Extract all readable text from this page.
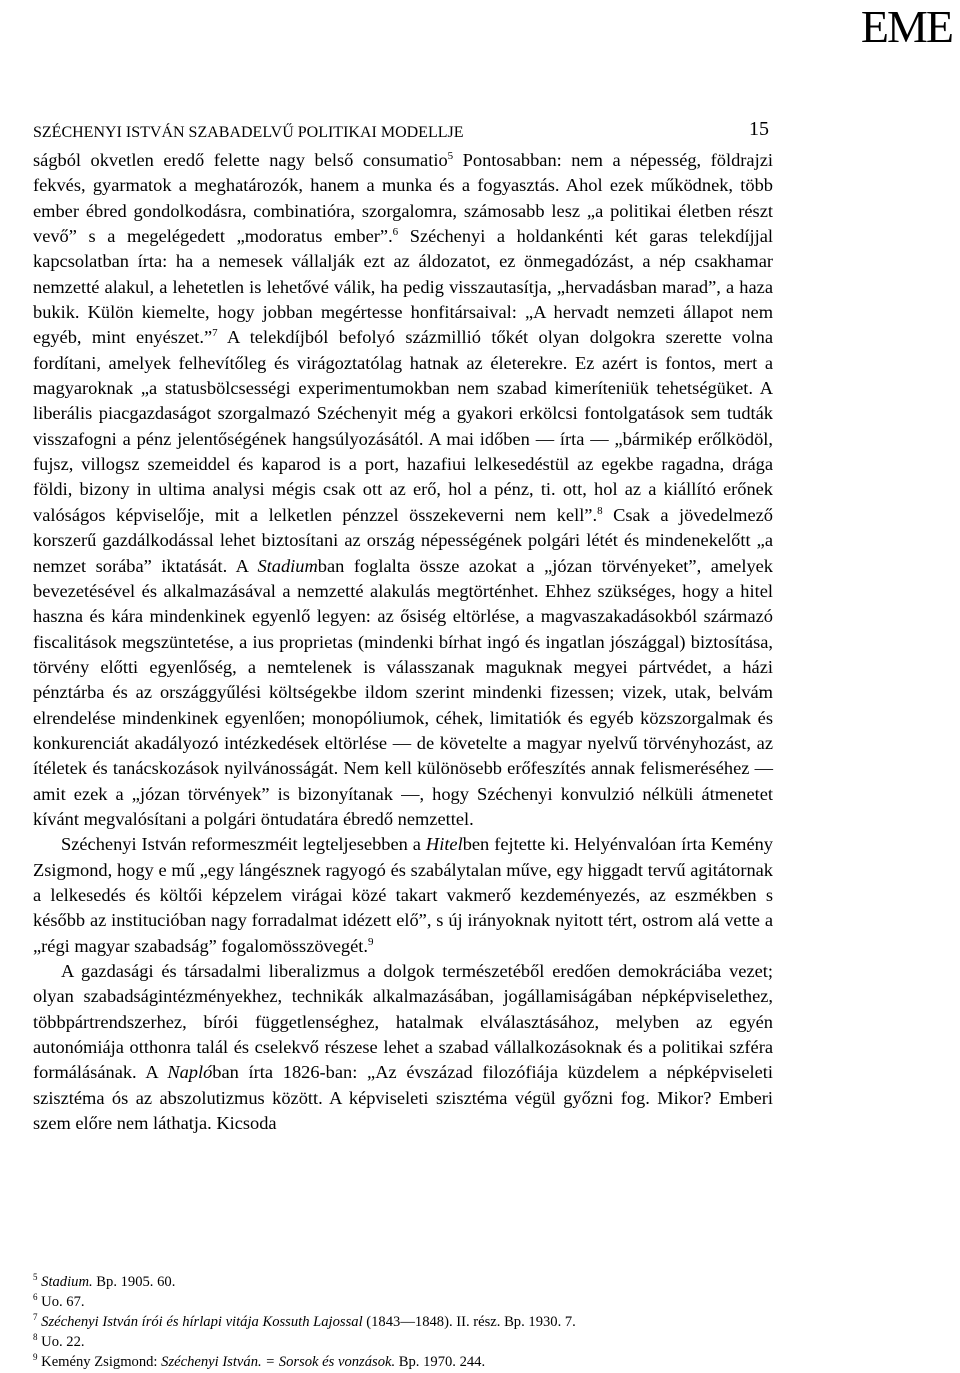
EME
SZÉCHENYI ISTVÁN SZABADELVŰ POLITIKAI MODELLJE	15

ságból okvetlen eredő felette nagy belső consumatio$^5$ Pontosabban: nem a népesség, földrajzi fekvés, gyarmatok a meghatározók, hanem a munka és a fogyasztás. Ahol ezek működnek, több ember ébred gondolkodásra, combinatióra, szorgalomra, számosabb lesz „a politikai életben részt vevő” s a megelégedett „modoratus ember”.$^6$ Széchenyi a holdankénti két garas telekdíjjal kapcsolatban írta: ha a nemesek vállalják ezt az áldozatot, ez önmegadózást, a nép csakhamar nemzetté alakul, a lehetetlen is lehetővé válik, ha pedig visszautasítja, „hervadásban marad”, a haza bukik. Külön kiemelte, hogy jobban megértesse honfitársaival: „A hervadt nemzeti állapot nem egyéb, mint enyészet.”$^7$ A telekdíjból befolyó százmillió tőkét olyan dolgokra szerette volna fordítani, amelyek felhevítőleg és virágoztatólag hatnak az életerekre. Ez azért is fontos, mert a magyaroknak „a statusbölcsességi experimentumokban nem szabad kimeríteniük tehetségüket. A liberális piacgazdaságot szorgalmazó Széchenyit még a gyakori erkölcsi fontolgatások sem tudták visszafogni a pénz jelentőségének hangsúlyozásától. A mai időben — írta — „bármikép erőlködöl, fujsz, villogsz szemeiddel és kaparod is a port, hazafiui lelkesedéstül az egekbe ragadna, drága földi, bizony in ultima analysi mégis csak ott az erő, hol a pénz, ti. ott, hol az a kiállító erőnek valóságos képviselője, mit a lelketlen pénzzel összekeverni nem kell”.$^8$ Csak a jövedelmező korszerű gazdálkodással lehet biztosítani az ország népességének polgári létét és mindenekelőtt „a nemzet sorába” iktatását. A Stadiumban foglalta össze azokat a „józan törvényeket”, amelyek bevezetésével és alkalmazásával a nemzetté alakulás megtörténhet. Ehhez szükséges, hogy a hitel haszna és kára mindenkinek egyenlő legyen: az ősiség eltörlése, a magvaszakadásokból származó fiscalitások megszüntetése, a ius proprietas (mindenki bírhat ingó és ingatlan jószággal) biztosítása, törvény előtti egyenlőség, a nemtelenek is válasszanak maguknak megyei pártvédet, a házi pénztárba és az országgyűlési költségekbe ildom szerint mindenki fizessen; vizek, utak, belvám elrendelése mindenkinek egyenlően; monopóliumok, céhek, limitatiók és egyéb közszorgalmak és konkurenciát akadályozó intézkedések eltörlése — de követelte a magyar nyelvű törvényhozást, az ítéletek és tanácskozások nyilvánosságát. Nem kell különösebb erőfeszítés annak felismeréséhez — amit ezek a „józan törvények” is bizonyítanak —, hogy Széchenyi konvulzió nélküli átmenetet kívánt megvalósítani a polgári öntudatára ébredő nemzettel.

Széchenyi István reformeszméit legteljesebben a Hitelben fejtette ki. Helyénvalóan írta Kemény Zsigmond, hogy e mű „egy lángésznek ragyogó és szabálytalan műve, egy higgadt tervű agitátornak a lelkesedés és költői képzelem virágai közé takart vakmerő kezdeményezés, az eszmékben s később az institucióban nagy forradalmat idézett elő”, s új irányoknak nyitott tért, ostrom alá vette a „régi magyar szabadság” fogalomösszövegét.$^9$

A gazdasági és társadalmi liberalizmus a dolgok természetéből eredően demokráciába vezet; olyan szabadságintézményekhez, technikák alkalmazásában, jogállamiságában népképviselethez, többpártrendszerhez, bírói függetlenséghez, hatalmak elválasztásához, melyben az egyén autonómiája otthonra talál és cselekvő részese lehet a szabad vállalkozásoknak és a politikai szféra formálásának. A Naplóban írta 1826-ban: „Az évszázad filozófiája küzdelem a népképviseleti szisztéma ós az abszolutizmus között. A képviseleti szisztéma végül győzni fog. Mikor? Emberi szem előre nem láthatja. Kicsoda

$^5$ Stadium. Bp. 1905. 60.
$^6$ Uo. 67.
$^7$ Széchenyi István írói és hírlapi vitája Kossuth Lajossal (1843—1848). II. rész. Bp. 1930. 7.
$^8$ Uo. 22.
$^9$ Kemény Zsigmond: Széchenyi István. = Sorsok és vonzások. Bp. 1970. 244.
